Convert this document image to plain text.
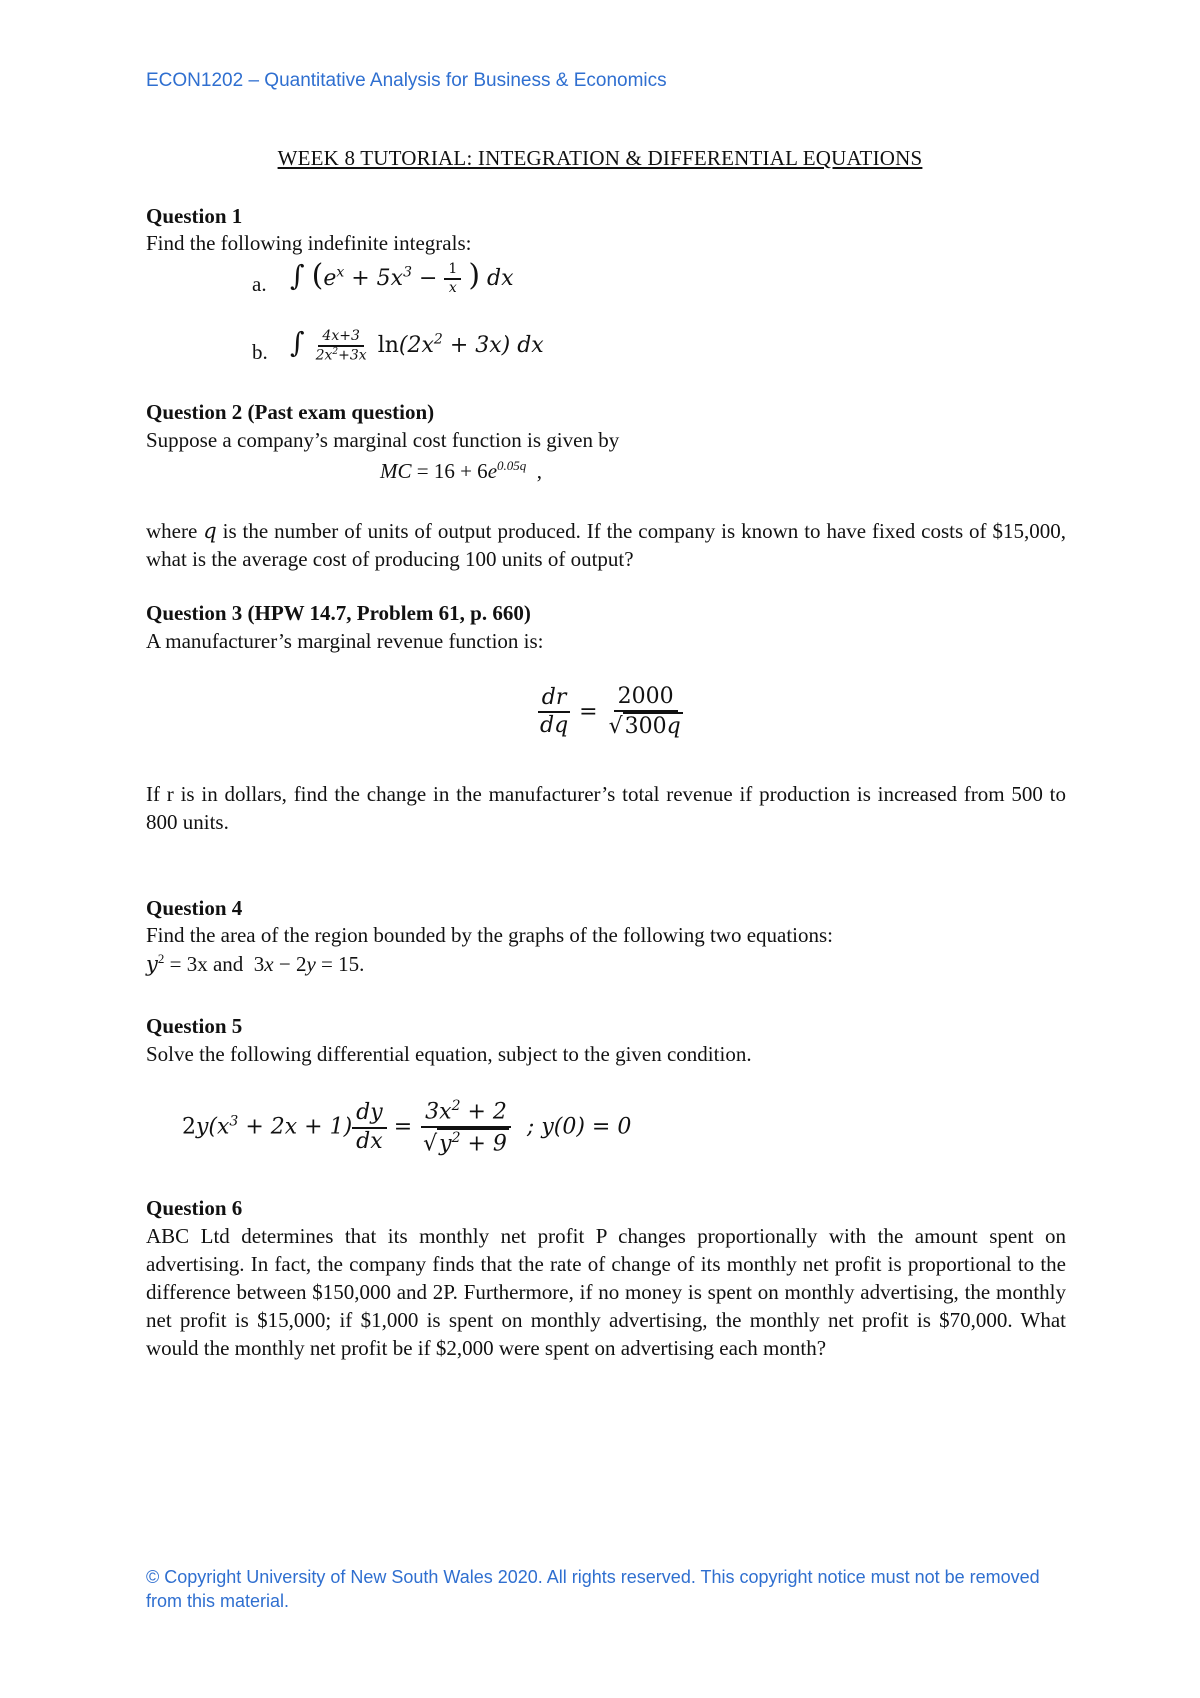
ECON1202 – Quantitative Analysis for Business & Economics
WEEK 8 TUTORIAL: INTEGRATION & DIFFERENTIAL EQUATIONS
Question 1
Find the following indefinite integrals:
a. ∫ ($e^x + 5x^3 - \frac{1}{x}$ ) dx
b. ∫ $\frac{4x+3}{2x^2+3x} \ln(2x^2 + 3x)$ dx
Question 2 (Past exam question)
Suppose a company’s marginal cost function is given by
MC = $16 + 6e^{0.05q}$  ,
where q is the number of units of output produced. If the company is known to have fixed costs of $15,000, what is the average cost of producing 100 units of output?
Question 3 (HPW 14.7, Problem 61, p. 660)
A manufacturer’s marginal revenue function is:
$\frac{dr}{dq} = \frac{2000}{√300q}$
If r is in dollars, find the change in the manufacturer’s total revenue if production is increased from 500 to 800 units.
Question 4
Find the area of the region bounded by the graphs of the following two equations:
$y^2 = 3x$ and  3x − 2y = 15.
Question 5
Solve the following differential equation, subject to the given condition.
$2y(x^3 + 2x + 1) \frac{dy}{dx} = \frac{3x^2 + 2}{√y^2 + 9}$ ; y(0) = 0
Question 6
ABC Ltd determines that its monthly net profit P changes proportionally with the amount spent on advertising. In fact, the company finds that the rate of change of its monthly net profit is proportional to the difference between $150,000 and 2P. Furthermore, if no money is spent on monthly advertising, the monthly net profit is $15,000; if $1,000 is spent on monthly advertising, the monthly net profit is $70,000. What would the monthly net profit be if $2,000 were spent on advertising each month?
© Copyright University of New South Wales 2020. All rights reserved. This copyright notice must not be removed from this material.
